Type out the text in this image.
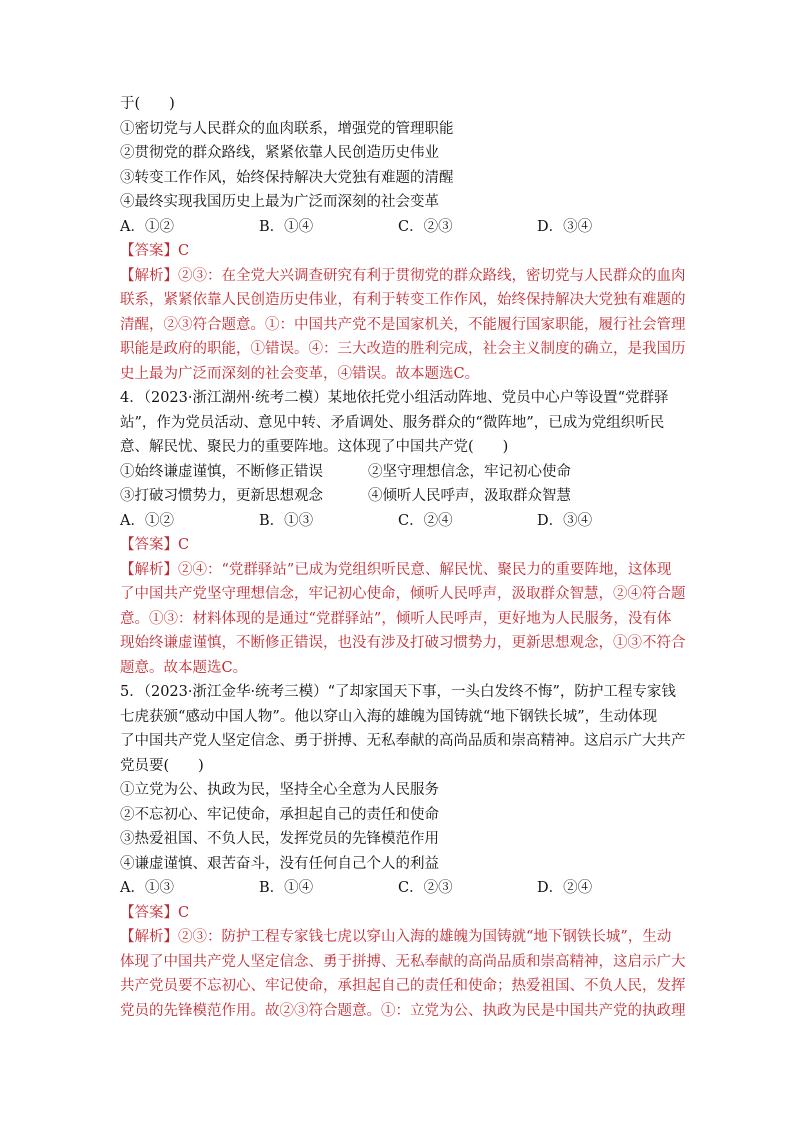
于(　　)
①密切党与人民群众的血肉联系，增强党的管理职能
②贯彻党的群众路线，紧紧依靠人民创造历史伟业
③转变工作作风，始终保持解决大党独有难题的清醒
④最终实现我国历史上最为广泛而深刻的社会变革
A．①②	B．①④	C．②③	D．③④
【答案】C
【解析】②③：在全党大兴调查研究有利于贯彻党的群众路线，密切党与人民群众的血肉
联系，紧紧依靠人民创造历史伟业，有利于转变工作作风，始终保持解决大党独有难题的
清醒，②③符合题意。①：中国共产党不是国家机关，不能履行国家职能，履行社会管理
职能是政府的职能，①错误。④：三大改造的胜利完成，社会主义制度的确立，是我国历
史上最为广泛而深刻的社会变革，④错误。故本题选C。
4．（2023·浙江湖州·统考二模）某地依托党小组活动阵地、党员中心户等设置“党群驿
站”，作为党员活动、意见中转、矛盾调处、服务群众的“微阵地”，已成为党组织听民
意、解民忧、聚民力的重要阵地。这体现了中国共产党(　　)
①始终谦虚谨慎，不断修正错误	②坚守理想信念，牢记初心使命
③打破习惯势力，更新思想观念	④倾听人民呼声，汲取群众智慧
A．①②	B．①③	C．②④	D．③④
【答案】C
【解析】②④：“党群驿站”已成为党组织听民意、解民忧、聚民力的重要阵地，这体现
了中国共产党坚守理想信念，牢记初心使命，倾听人民呼声，汲取群众智慧，②④符合题
意。①③：材料体现的是通过“党群驿站”，倾听人民呼声，更好地为人民服务，没有体
现始终谦虚谨慎，不断修正错误，也没有涉及打破习惯势力，更新思想观念，①③不符合
题意。故本题选C。
5．（2023·浙江金华·统考三模）“了却家国天下事，一头白发终不悔”，防护工程专家钱
七虎获颁“感动中国人物”。他以穿山入海的雄魄为国铸就“地下钢铁长城”，生动体现
了中国共产党人坚定信念、勇于拼搏、无私奉献的高尚品质和崇高精神。这启示广大共产
党员要(　　)
①立党为公、执政为民，坚持全心全意为人民服务
②不忘初心、牢记使命，承担起自己的责任和使命
③热爱祖国、不负人民，发挥党员的先锋模范作用
④谦虚谨慎、艰苦奋斗，没有任何自己个人的利益
A．①③	B．①④	C．②③	D．②④
【答案】C
【解析】②③：防护工程专家钱七虎以穿山入海的雄魄为国铸就“地下钢铁长城”，生动
体现了中国共产党人坚定信念、勇于拼搏、无私奉献的高尚品质和崇高精神，这启示广大
共产党员要不忘初心、牢记使命，承担起自己的责任和使命；热爱祖国、不负人民，发挥
党员的先锋模范作用。故②③符合题意。①：立党为公、执政为民是中国共产党的执政理
